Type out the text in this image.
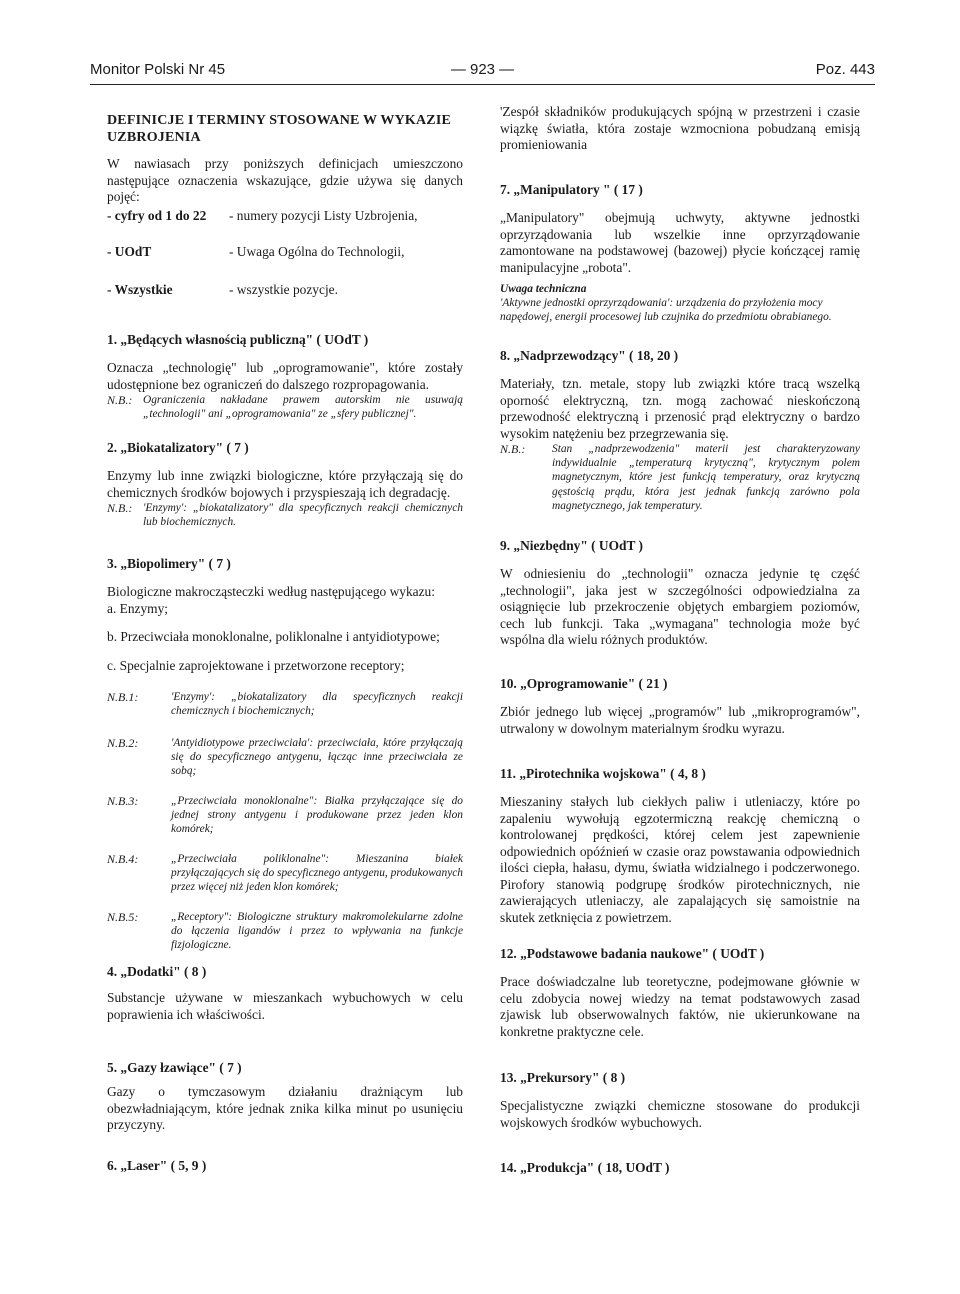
Monitor Polski Nr 45	— 923 —	Poz. 443
DEFINICJE I TERMINY STOSOWANE W WYKAZIE UZBROJENIA

W nawiasach przy poniższych definicjach umieszczono następujące oznaczenia wskazujące, gdzie używa się danych pojęć:

- cyfry od 1 do 22 - numery pozycji Listy Uzbrojenia,
- UOdT	- Uwaga Ogólna do Technologii,
- Wszystkie	- wszystkie pozycje.
1. „Będących własnością publiczną" ( UOdT )

Oznacza „technologię" lub „oprogramowanie", które zostały udostępnione bez ograniczeń do dalszego rozpropagowania.

N.B.: Ograniczenia nakładane prawem autorskim nie usuwają „technologii" ani „oprogramowania" ze „sfery publicznej".
2. „Biokatalizatory" ( 7 )

Enzymy lub inne związki biologiczne, które przyłączają się do chemicznych środków bojowych i przyspieszają ich degradację.

N.B.: 'Enzymy': „biokatalizatory" dla specyficznych reakcji chemicznych lub biochemicznych.
3. „Biopolimery" ( 7 )

Biologiczne makrocząsteczki według następującego wykazu:

a. Enzymy;

b. Przeciwciała monoklonalne, poliklonalne i antyidiotypowe;

c. Specjalnie zaprojektowane i przetworzone receptory;

N.B.1:	'Enzymy': „biokatalizatory dla specyficznych reakcji chemicznych i biochemicznych;
N.B.2:	'Antyidiotypowe przeciwciała': przeciwciała, które przyłączają się do specyficznego antygenu, łącząc inne przeciwciała ze sobą;
N.B.3:	„Przeciwciała monoklonalne": Białka przyłączające się do jednej strony antygenu i produkowane przez jeden klon komórek;
N.B.4:	„Przeciwciała poliklonalne": Mieszanina białek przyłączających się do specyficznego antygenu, produkowanych przez więcej niż jeden klon komórek;
N.B.5:	„Receptory": Biologiczne struktury makromolekularne zdolne do łączenia ligandów i przez to wpływania na funkcje fizjologiczne.
4. „Dodatki" ( 8 )

Substancje używane w mieszankach wybuchowych w celu poprawienia ich właściwości.

5. „Gazy łzawiące" ( 7 )

Gazy o tymczasowym działaniu drażniącym lub obezwładniającym, które jednak znika kilka minut po usunięciu przyczyny.

6. „Laser" ( 5, 9 )

'Zespół składników produkujących spójną w przestrzeni i czasie wiązkę światła, która zostaje wzmocniona pobudzaną emisją promieniowania

7. „Manipulatory " ( 17 )

„Manipulatory" obejmują uchwyty, aktywne jednostki oprzyrządowania lub wszelkie inne oprzyrządowanie zamontowane na podstawowej (bazowej) płycie kończącej ramię manipulacyjne „robota".

Uwaga techniczna
'Aktywne jednostki oprzyrządowania': urządzenia do przyłożenia mocy napędowej, energii procesowej lub czujnika do przedmiotu obrabianego.
8. „Nadprzewodzący" ( 18, 20 )

Materiały, tzn. metale, stopy lub związki które tracą wszelką oporność elektryczną, tzn. mogą zachować nieskończoną przewodność elektryczną i przenosić prąd elektryczny o bardzo wysokim natężeniu bez przegrzewania się.

N.B.:	Stan „nadprzewodzenia" materii jest charakteryzowany indywidualnie „temperaturą krytyczną", krytycznym polem magnetycznym, które jest funkcją temperatury, oraz krytyczną gęstością prądu, która jest jednak funkcją zarówno pola magnetycznego, jak temperatury.
9. „Niezbędny" ( UOdT )

W odniesieniu do „technologii" oznacza jedynie tę część „technologii", jaka jest w szczególności odpowiedzialna za osiągnięcie lub przekroczenie objętych embargiem poziomów, cech lub funkcji. Taka „wymagana" technologia może być wspólna dla wielu różnych produktów.

10. „Oprogramowanie" ( 21 )

Zbiór jednego lub więcej „programów" lub „mikroprogramów", utrwalony w dowolnym materialnym środku wyrazu.

11. „Pirotechnika wojskowa" ( 4, 8 )

Mieszaniny stałych lub ciekłych paliw i utleniaczy, które po zapaleniu wywołują egzotermiczną reakcję chemiczną o kontrolowanej prędkości, której celem jest zapewnienie odpowiednich opóźnień w czasie oraz powstawania odpowiednich ilości ciepła, hałasu, dymu, światła widzialnego i podczerwonego. Pirofory stanowią podgrupę środków pirotechnicznych, nie zawierających utleniaczy, ale zapalających się samoistnie na skutek zetknięcia z powietrzem.

12. „Podstawowe badania naukowe" ( UOdT )

Prace doświadczalne lub teoretyczne, podejmowane głównie w celu zdobycia nowej wiedzy na temat podstawowych zasad zjawisk lub obserwowalnych faktów, nie ukierunkowane na konkretne praktyczne cele.

13. „Prekursory" ( 8 )

Specjalistyczne związki chemiczne stosowane do produkcji wojskowych środków wybuchowych.

14. „Produkcja" ( 18, UOdT )
